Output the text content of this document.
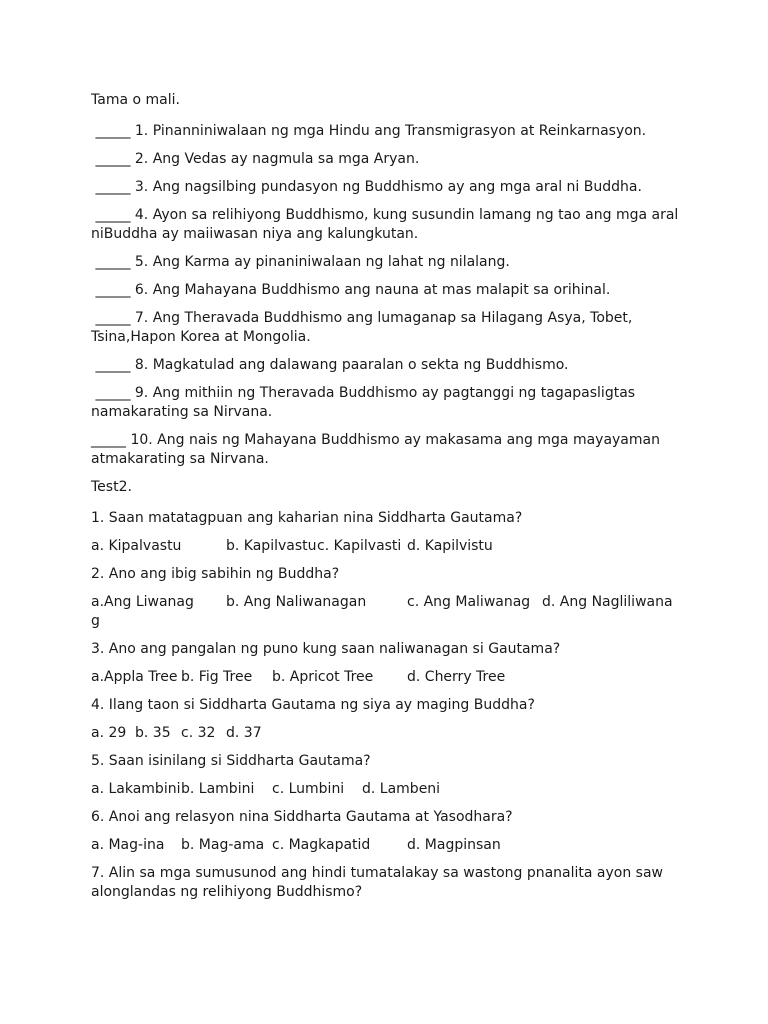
Tama o mali.
_____ 1. Pinanniniwalaan ng mga Hindu ang Transmigrasyon at Reinkarnasyon.
_____ 2. Ang Vedas ay nagmula sa mga Aryan.
_____ 3. Ang nagsilbing pundasyon ng Buddhismo ay ang mga aral ni Buddha.
_____ 4. Ayon sa relihiyong Buddhismo, kung susundin lamang ng tao ang mga aral niBuddha ay maiiwasan niya ang kalungkutan.
_____ 5. Ang Karma ay pinaniniwalaan ng lahat ng nilalang.
_____ 6. Ang Mahayana Buddhismo ang nauna at mas malapit sa orihinal.
_____ 7. Ang Theravada Buddhismo ang lumaganap sa Hilagang Asya, Tobet, Tsina,Hapon Korea at Mongolia.
_____ 8. Magkatulad ang dalawang paaralan o sekta ng Buddhismo.
_____ 9. Ang mithiin ng Theravada Buddhismo ay pagtanggi ng tagapasligtas namakarating sa Nirvana.
_____ 10. Ang nais ng Mahayana Buddhismo ay makasama ang mga mayayaman atmakarating sa Nirvana.
Test2.
1. Saan matatagpuan ang kaharian nina Siddharta Gautama?
a. Kipalvastu	b. Kapilvastu c. Kapilvasti d. Kapilvistu
2. Ano ang ibig sabihin ng Buddha?
a.Ang Liwanag b. Ang Naliwanagan	c. Ang Maliwanag d. Ang Nagliliwana
g
3. Ano ang pangalan ng puno kung saan naliwanagan si Gautama?
a.Appla Tree b. Fig Tree b. Apricot Tree d. Cherry Tree
4. Ilang taon si Siddharta Gautama ng siya ay maging Buddha?
a. 29 b. 35 c. 32 d. 37
5. Saan isinilang si Siddharta Gautama?
a. Lakambini b. Lambini c. Lumbini d. Lambeni
6. Anoi ang relasyon nina Siddharta Gautama at Yasodhara?
a. Mag-ina b. Mag-ama c. Magkapatid	d. Magpinsan
7. Alin sa mga sumusunod ang hindi tumatalakay sa wastong pnanalita ayon saw alonglandas ng relihiyong Buddhismo?
